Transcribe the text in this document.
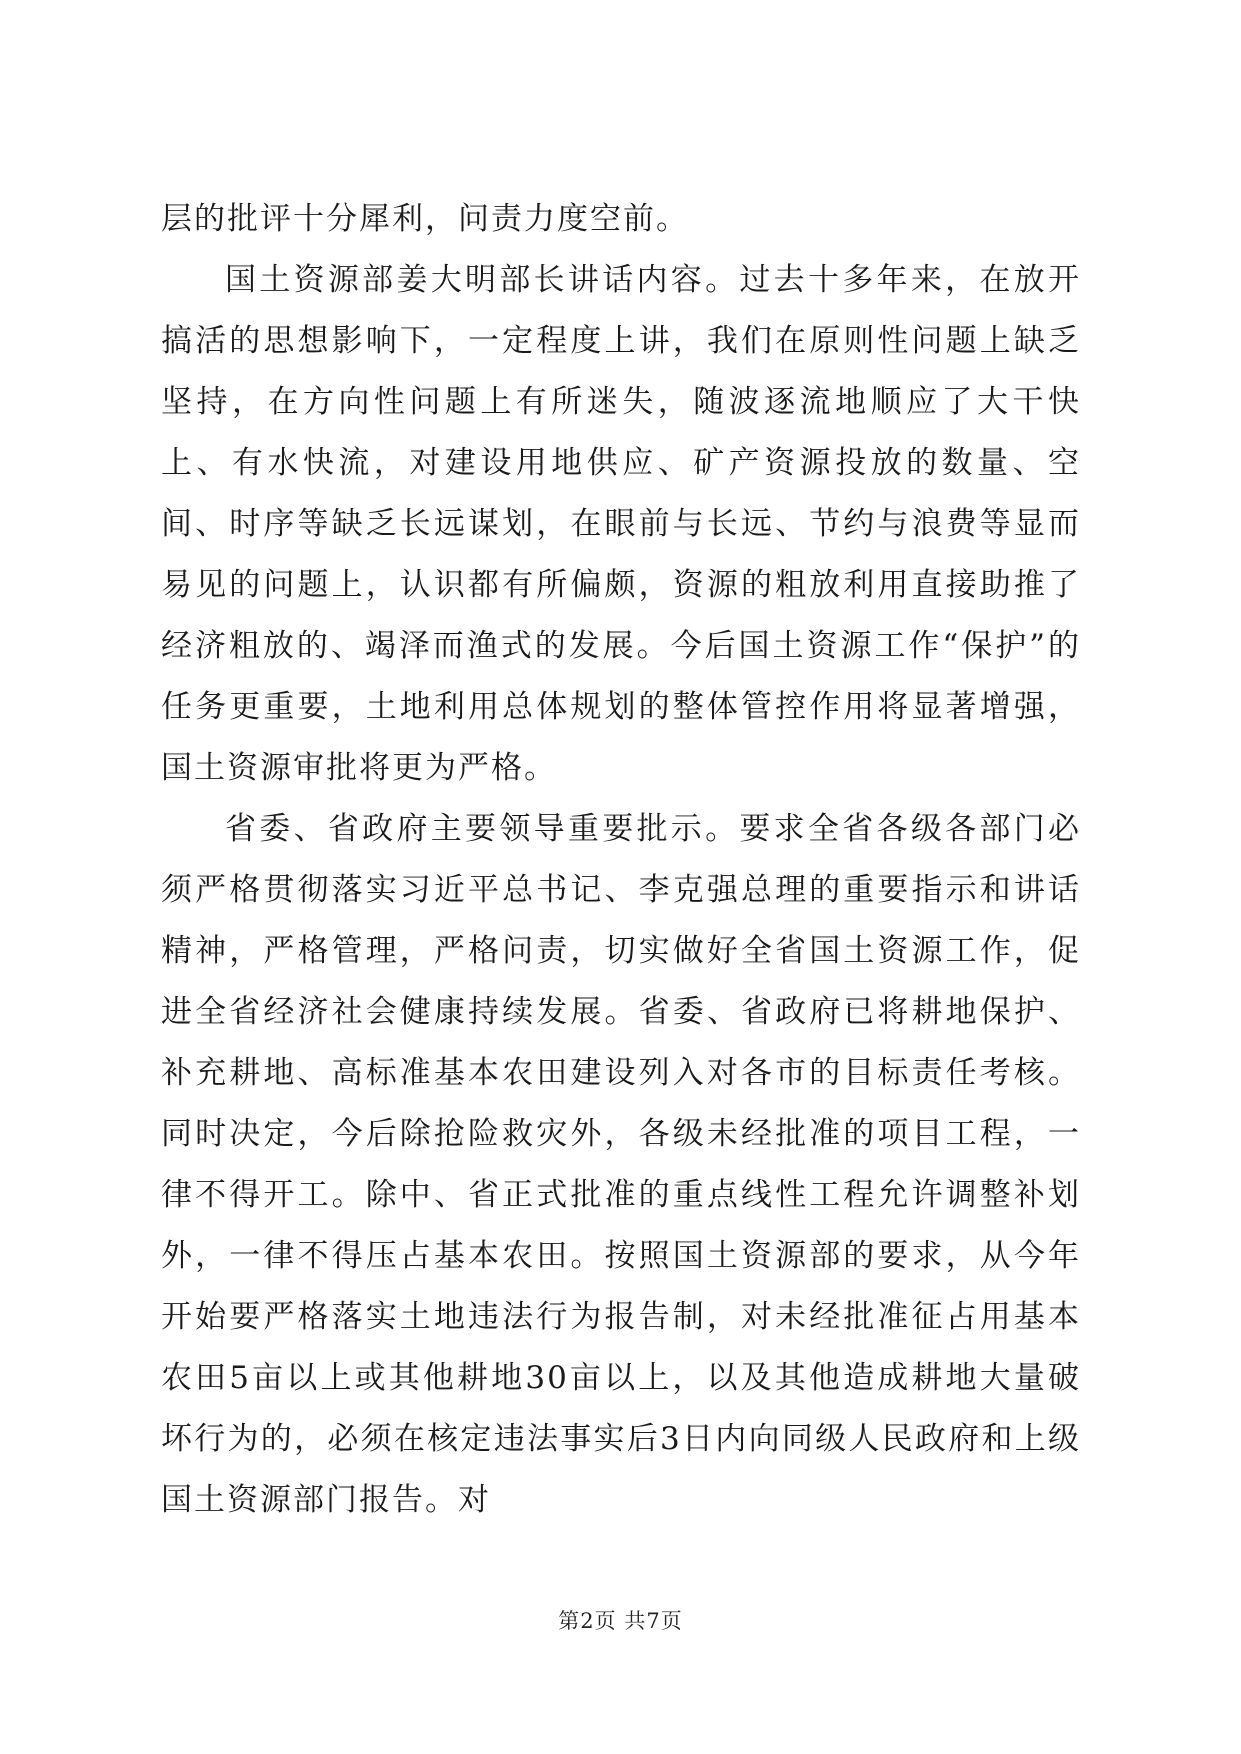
层的批评十分犀利，问责力度空前。

国土资源部姜大明部长讲话内容。过去十多年来，在放开搞活的思想影响下，一定程度上讲，我们在原则性问题上缺乏坚持，在方向性问题上有所迷失，随波逐流地顺应了大干快上、有水快流，对建设用地供应、矿产资源投放的数量、空间、时序等缺乏长远谋划，在眼前与长远、节约与浪费等显而易见的问题上，认识都有所偏颇，资源的粗放利用直接助推了经济粗放的、竭泽而渔式的发展。今后国土资源工作“保护”的任务更重要，土地利用总体规划的整体管控作用将显著增强，国土资源审批将更为严格。

省委、省政府主要领导重要批示。要求全省各级各部门必须严格贯彻落实习近平总书记、李克强总理的重要指示和讲话精神，严格管理，严格问责，切实做好全省国土资源工作，促进全省经济社会健康持续发展。省委、省政府已将耕地保护、补充耕地、高标准基本农田建设列入对各市的目标责任考核。同时决定，今后除抢险救灾外，各级未经批准的项目工程，一律不得开工。除中、省正式批准的重点线性工程允许调整补划外，一律不得压占基本农田。按照国土资源部的要求，从今年开始要严格落实土地违法行为报告制，对未经批准征占用基本农田5亩以上或其他耕地30亩以上，以及其他造成耕地大量破坏行为的，必须在核定违法事实后3日内向同级人民政府和上级国土资源部门报告。对

第2页 共7页
